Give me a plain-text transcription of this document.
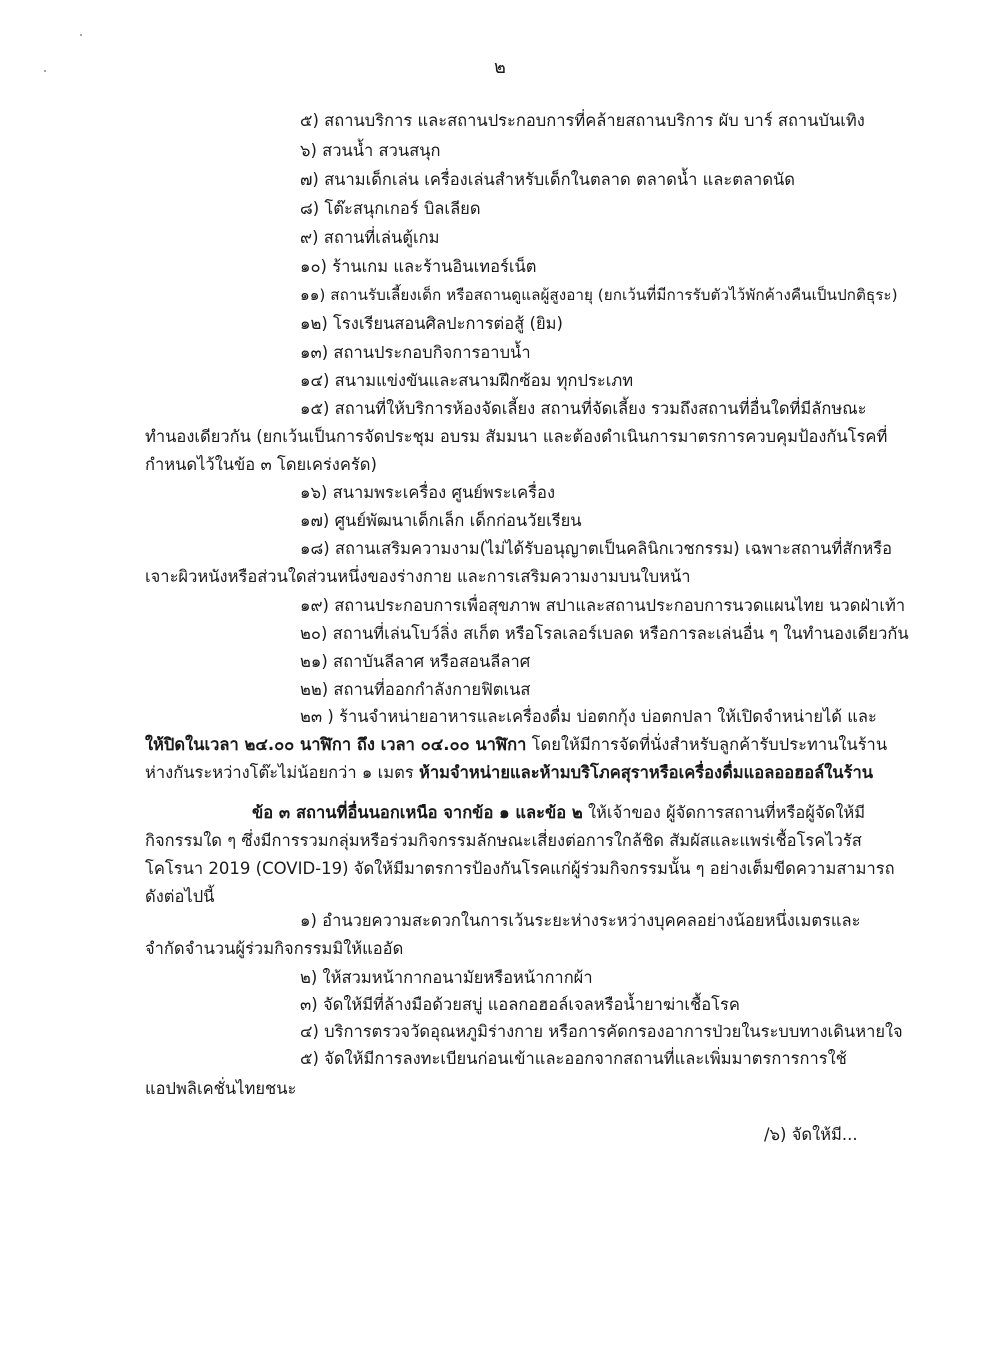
๒
๕) สถานบริการ และสถานประกอบการที่คล้ายสถานบริการ ผับ บาร์ สถานบันเทิง
๖) สวนน้ำ สวนสนุก
๗) สนามเด็กเล่น เครื่องเล่นสำหรับเด็กในตลาด ตลาดน้ำ และตลาดนัด
๘) โต๊ะสนุกเกอร์ บิลเลียด
๙) สถานที่เล่นตู้เกม
๑๐) ร้านเกม และร้านอินเทอร์เน็ต
๑๑) สถานรับเลี้ยงเด็ก หรือสถานดูแลผู้สูงอายุ (ยกเว้นที่มีการรับตัวไว้พักค้างคืนเป็นปกติธุระ)
๑๒) โรงเรียนสอนศิลปะการต่อสู้ (ยิม)
๑๓) สถานประกอบกิจการอาบน้ำ
๑๔) สนามแข่งขันและสนามฝึกซ้อม ทุกประเภท
๑๕) สถานที่ให้บริการห้องจัดเลี้ยง สถานที่จัดเลี้ยง รวมถึงสถานที่อื่นใดที่มีลักษณะ
ทำนองเดียวกัน (ยกเว้นเป็นการจัดประชุม อบรม สัมมนา และต้องดำเนินการมาตรการควบคุมป้องกันโรคที่
กำหนดไว้ในข้อ ๓ โดยเคร่งครัด)
๑๖) สนามพระเครื่อง ศูนย์พระเครื่อง
๑๗) ศูนย์พัฒนาเด็กเล็ก เด็กก่อนวัยเรียน
๑๘) สถานเสริมความงาม(ไม่ได้รับอนุญาตเป็นคลินิกเวชกรรม) เฉพาะสถานที่สักหรือ
เจาะผิวหนังหรือส่วนใดส่วนหนึ่งของร่างกาย และการเสริมความงามบนใบหน้า
๑๙) สถานประกอบการเพื่อสุขภาพ สปาและสถานประกอบการนวดแผนไทย นวดฝ่าเท้า
๒๐) สถานที่เล่นโบว์ลิ่ง สเก็ต หรือโรลเลอร์เบลด หรือการละเล่นอื่น ๆ ในทำนองเดียวกัน
๒๑) สถาบันลีลาศ หรือสอนลีลาศ
๒๒) สถานที่ออกกำลังกายฟิตเนส
๒๓ ) ร้านจำหน่ายอาหารและเครื่องดื่ม บ่อตกกุ้ง บ่อตกปลา ให้เปิดจำหน่ายได้ และ
ให้ปิดในเวลา ๒๔.๐๐ นาฬิกา ถึง เวลา ๐๔.๐๐ นาฬิกา โดยให้มีการจัดที่นั่งสำหรับลูกค้ารับประทานในร้าน
ห่างกันระหว่างโต๊ะไม่น้อยกว่า ๑ เมตร ห้ามจำหน่ายและห้ามบริโภคสุราหรือเครื่องดื่มแอลออฮอล์ในร้าน
ข้อ ๓ สถานที่อื่นนอกเหนือ จากข้อ ๑ และข้อ ๒ ให้เจ้าของ ผู้จัดการสถานที่หรือผู้จัดให้มี
กิจกรรมใด ๆ ซึ่งมีการรวมกลุ่มหรือร่วมกิจกรรมลักษณะเสี่ยงต่อการใกล้ชิด สัมผัสและแพร่เชื้อโรคไวรัส
โคโรนา 2019 (COVID-19) จัดให้มีมาตรการป้องกันโรคแก่ผู้ร่วมกิจกรรมนั้น ๆ อย่างเต็มขีดความสามารถ
ดังต่อไปนี้
๑) อำนวยความสะดวกในการเว้นระยะห่างระหว่างบุคคลอย่างน้อยหนึ่งเมตรและ
จำกัดจำนวนผู้ร่วมกิจกรรมมิให้แออัด
๒) ให้สวมหน้ากากอนามัยหรือหน้ากากผ้า
๓) จัดให้มีที่ล้างมือด้วยสบู่ แอลกอฮอล์เจลหรือน้ำยาฆ่าเชื้อโรค
๔) บริการตรวจวัดอุณหภูมิร่างกาย หรือการคัดกรองอาการป่วยในระบบทางเดินหายใจ
๕) จัดให้มีการลงทะเบียนก่อนเข้าและออกจากสถานที่และเพิ่มมาตรการการใช้
แอปพลิเคชั่นไทยชนะ
/๖) จัดให้มี...
